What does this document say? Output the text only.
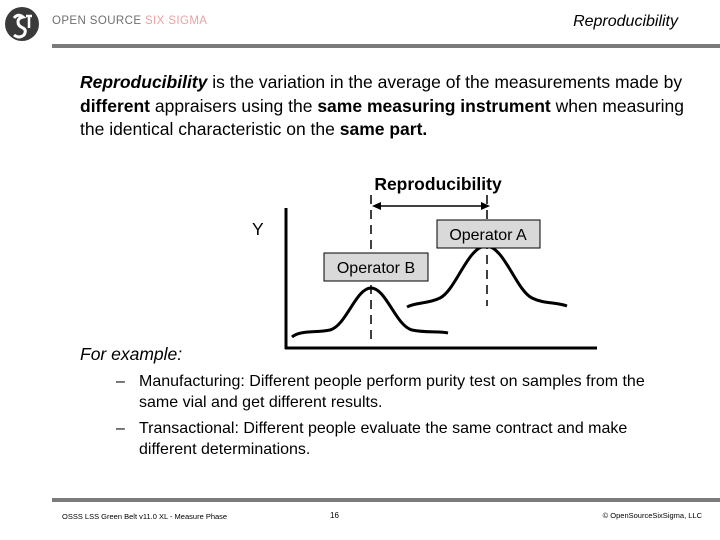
OPEN SOURCE SIX SIGMA	Reproducibility
Reproducibility is the variation in the average of the measurements made by different appraisers using the same measuring instrument when measuring the identical characteristic on the same part.
Reproducibility
Y	Operator A
Operator B
For example:
– Manufacturing: Different people perform purity test on samples from the same vial and get different results.
– Transactional: Different people evaluate the same contract and make different determinations.
OSSS LSS Green Belt v11.0 XL - Measure Phase	16	© OpenSourceSixSigma, LLC
